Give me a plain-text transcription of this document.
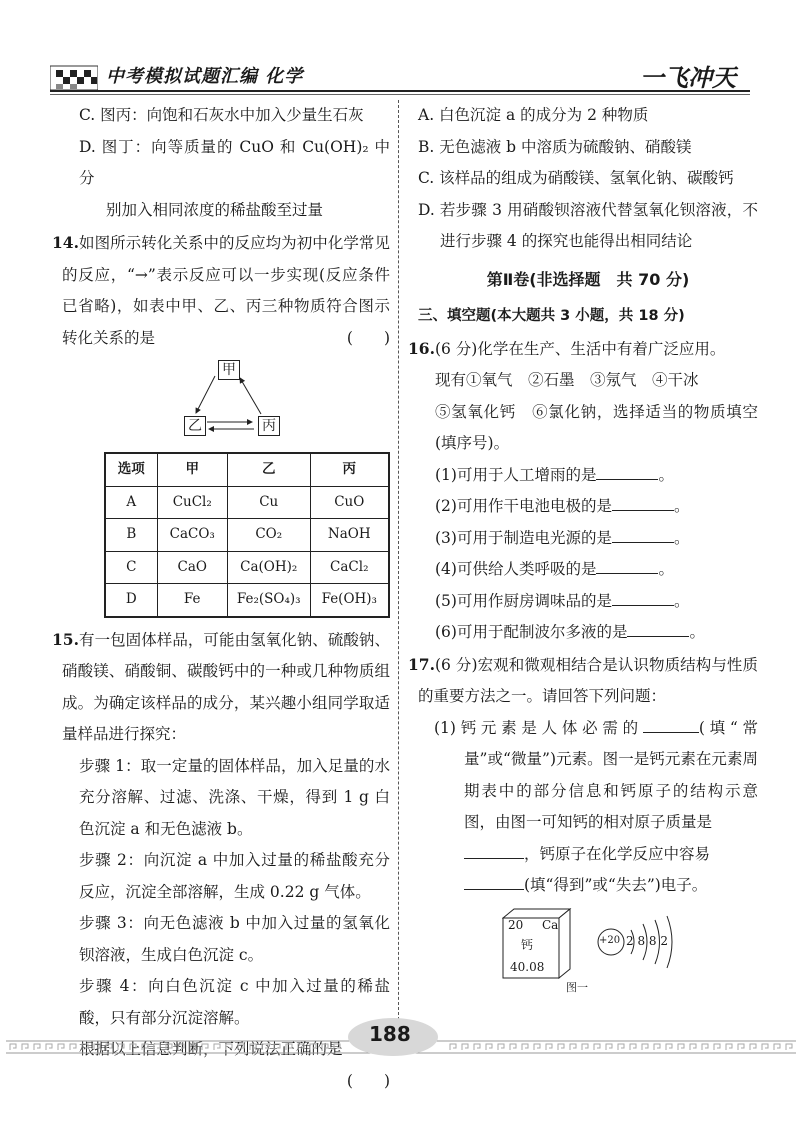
中考模拟试题汇编 化学	一飞冲天

C. 图丙：向饱和石灰水中加入少量生石灰

D. 图丁：向等质量的 CuO 和 Cu(OH)₂ 中分

别加入相同浓度的稀盐酸至过量

14.如图所示转化关系中的反应均为初中化学常见的反应，“→”表示反应可以一步实现(反应条件已省略)，如表中甲、乙、丙三种物质符合图示转化关系的是	(　　)

甲
乙	丙
选项	甲	乙	丙
A	CuCl₂	Cu	CuO
B	CaCO₃	CO₂	NaOH
C	CaO	Ca(OH)₂	CaCl₂
D	Fe	Fe₂(SO₄)₃	Fe(OH)₃

15.有一包固体样品，可能由氢氧化钠、硫酸钠、硝酸镁、硝酸铜、碳酸钙中的一种或几种物质组成。为确定该样品的成分，某兴趣小组同学取适量样品进行探究：

步骤 1：取一定量的固体样品，加入足量的水充分溶解、过滤、洗涤、干燥，得到 1 g 白色沉淀 a 和无色滤液 b。

步骤 2：向沉淀 a 中加入过量的稀盐酸充分反应，沉淀全部溶解，生成 0.22 g 气体。

步骤 3：向无色滤液 b 中加入过量的氢氧化钡溶液，生成白色沉淀 c。

步骤 4：向白色沉淀 c 中加入过量的稀盐酸，只有部分沉淀溶解。

根据以上信息判断，下列说法正确的是

(　　)

A. 白色沉淀 a 的成分为 2 种物质

B. 无色滤液 b 中溶质为硫酸钠、硝酸镁

C. 该样品的组成为硝酸镁、氢氧化钠、碳酸钙

D. 若步骤 3 用硝酸钡溶液代替氢氧化钡溶液，不进行步骤 4 的探究也能得出相同结论

第Ⅱ卷(非选择题　共 70 分)
三、填空题(本大题共 3 小题，共 18 分)

16.(6 分)化学在生产、生活中有着广泛应用。

现有①氧气　②石墨　③氖气　④干冰

⑤氢氧化钙　⑥氯化钠，选择适当的物质填空(填序号)。

(1)可用于人工增雨的是	。

(2)可用作干电池电极的是	。

(3)可用于制造电光源的是	。

(4)可供给人类呼吸的是	。

(5)可用作厨房调味品的是	。

(6)可用于配制波尔多液的是	。

17.(6 分)宏观和微观相结合是认识物质结构与性质的重要方法之一。请回答下列问题：

(1)钙元素是人体必需的	(填“常量”或“微量”)元素。图一是钙元素在元素周期表中的部分信息和钙原子的结构示意图，由图一可知钙的相对原子质量是
，钙原子在化学反应中容易
(填“得到”或“失去”)电子。

20 Ca
钙
40.08
+20 2 8 8 2
图一
188
